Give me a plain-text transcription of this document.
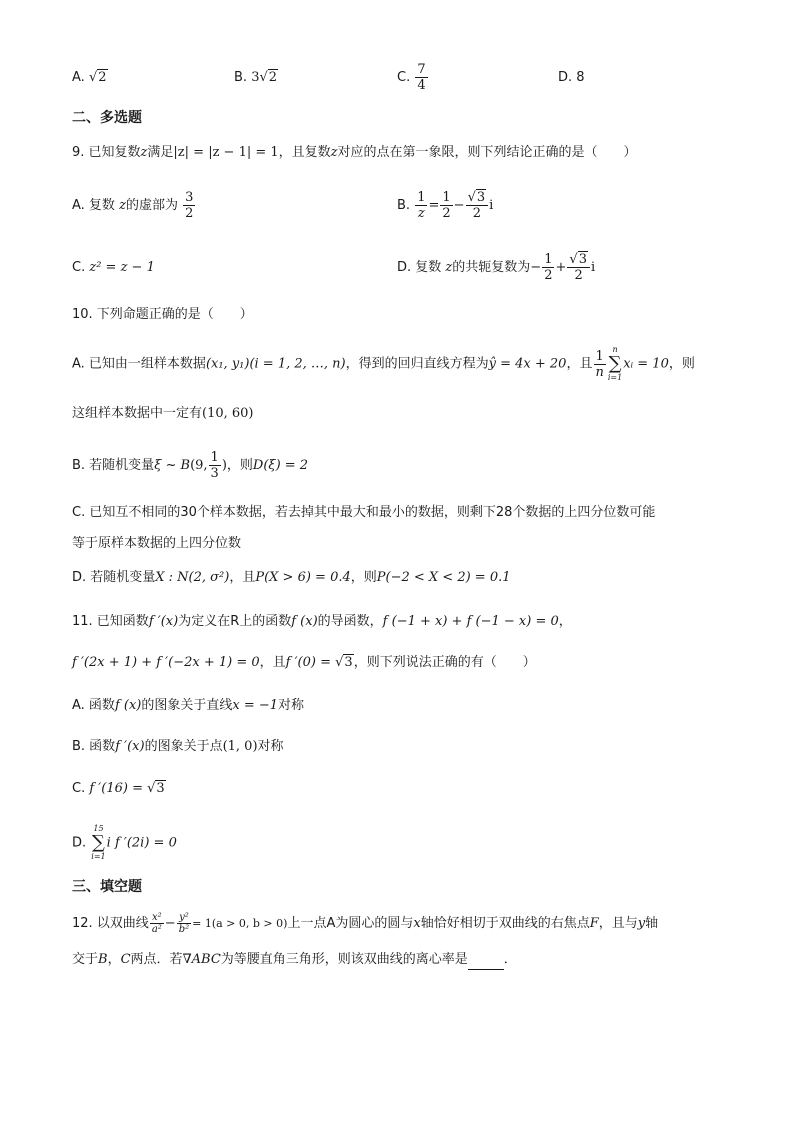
A. √2	B. 3√2	C. $\frac{7}{4}$	D. 8
二、多选题
9. 已知复数z满足|z| = |z − 1| = 1，且复数z对应的点在第一象限，则下列结论正确的是（　　）
A. 复数 z的虚部为 $\frac{3}{2}$	B. $\frac{1}{z} = \frac{1}{2} - \frac{√3}{2}$ i
C. z² = z − 1	D. 复数 z的共轭复数为− $\frac{1}{2} + \frac{√3}{2}$ i
10. 下列命题正确的是（　　）
A. 已知由一组样本数据(x₁, y₁)(i = 1, 2, …, n)，得到的回归直线方程为ŷ = 4x + 20，且 $\frac{1}{n}$ n
∑
i=1
xᵢ = 10，则
这组样本数据中一定有(10, 60)
B. 若随机变量ξ ~ B(9, $\frac{1}{3}$ )，则D(ξ) = 2
C. 已知互不相同的30个样本数据，若去掉其中最大和最小的数据，则剩下28个数据的上四分位数可能
等于原样本数据的上四分位数
D. 若随机变量X : N(2, σ²)，且P(X > 6) = 0.4，则P(−2 < X < 2) = 0.1
11. 已知函数f ′(x)为定义在R上的函数f (x)的导函数，f (−1 + x) + f (−1 − x) = 0，
f ′(2x + 1) + f ′(−2x + 1) = 0，且f ′(0) = √3，则下列说法正确的有（　　）
A. 函数f (x)的图象关于直线x = −1对称
B. 函数f ′(x)的图象关于点(1, 0)对称
C. f ′(16) = √3
D.
15
∑
i=1
i f ′(2i) = 0
三、填空题
12. 以双曲线 $\frac{\text{x²}}{\text{a²}} - \frac{\text{y²}}{\text{b²}} = 1(a > 0$, b > 0)上一点A为圆心的圆与x轴恰好相切于双曲线的右焦点F，且与y轴
交于B，C两点．若∇ABC为等腰直角三角形，则该双曲线的离心率是	．
